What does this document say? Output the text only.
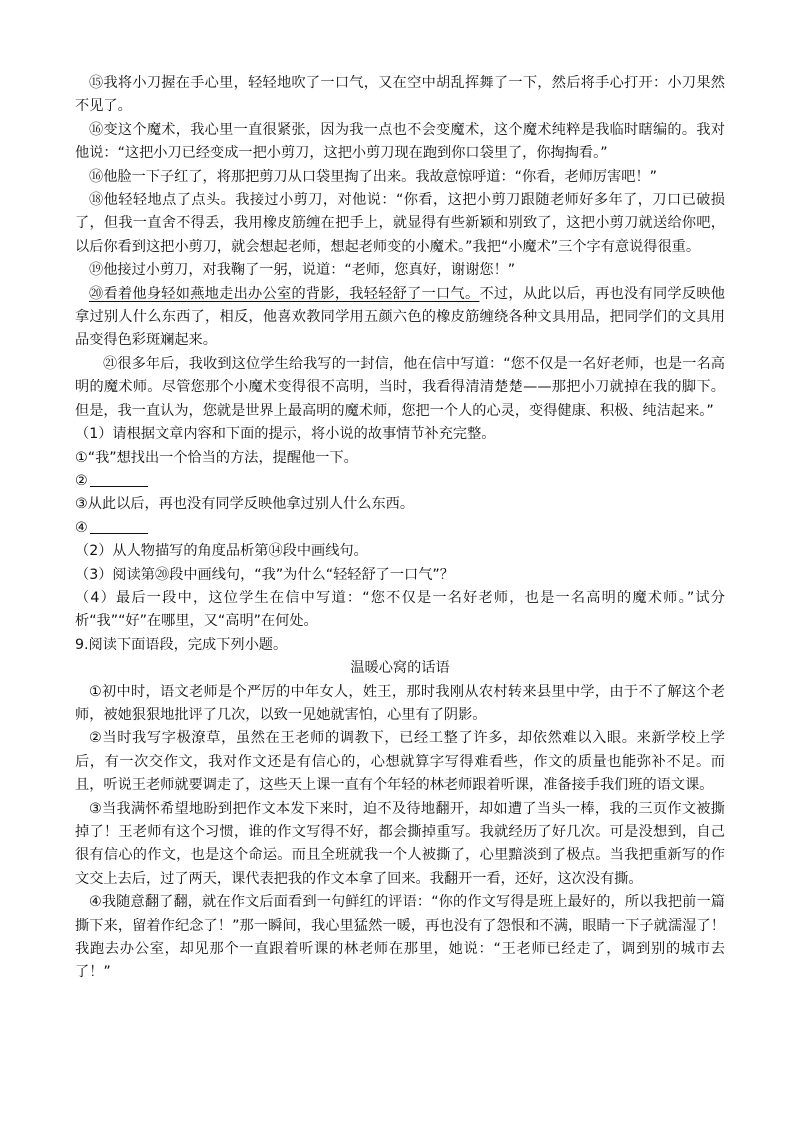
⑮我将小刀握在手心里，轻轻地吹了一口气，又在空中胡乱挥舞了一下，然后将手心打开：小刀果然不见了。

⑯变这个魔术，我心里一直很紧张，因为我一点也不会变魔术，这个魔术纯粹是我临时瞎编的。我对他说：“这把小刀已经变成一把小剪刀，这把小剪刀现在跑到你口袋里了，你掏掏看。”

⑯他脸一下子红了，将那把剪刀从口袋里掏了出来。我故意惊呼道：“你看，老师厉害吧！”

⑱他轻轻地点了点头。我接过小剪刀，对他说：“你看，这把小剪刀跟随老师好多年了，刀口已破损了，但我一直舍不得丢，我用橡皮筋缠在把手上，就显得有些新颖和别致了，这把小剪刀就送给你吧，以后你看到这把小剪刀，就会想起老师，想起老师变的小魔术。”我把“小魔术”三个字有意说得很重。

⑲他接过小剪刀，对我鞠了一躬，说道：“老师，您真好，谢谢您！”

⑳看着他身轻如燕地走出办公室的背影，我轻轻舒了一口气。不过，从此以后，再也没有同学反映他拿过别人什么东西了，相反，他喜欢教同学用五颜六色的橡皮筋缠绕各种文具用品，把同学们的文具用品变得色彩斑斓起来。

㉑很多年后，我收到这位学生给我写的一封信，他在信中写道：“您不仅是一名好老师，也是一名高明的魔术师。尽管您那个小魔术变得很不高明，当时，我看得清清楚楚——那把小刀就掉在我的脚下。但是，我一直认为，您就是世界上最高明的魔术师，您把一个人的心灵，变得健康、积极、纯洁起来。”

（1）请根据文章内容和下面的提示，将小说的故事情节补充完整。

①“我”想找出一个恰当的方法，提醒他一下。

②

③从此以后，再也没有同学反映他拿过别人什么东西。

④

（2）从人物描写的角度品析第⑭段中画线句。

（3）阅读第⑳段中画线句，“我”为什么“轻轻舒了一口气”？

（4）最后一段中，这位学生在信中写道：“您不仅是一名好老师，也是一名高明的魔术师。”试分析“我”“好”在哪里，又“高明”在何处。

9.阅读下面语段，完成下列小题。

温暖心窝的话语

①初中时，语文老师是个严厉的中年女人，姓王，那时我刚从农村转来县里中学，由于不了解这个老师，被她狠狠地批评了几次，以致一见她就害怕，心里有了阴影。

②当时我写字极潦草，虽然在王老师的调教下，已经工整了许多，却依然难以入眼。来新学校上学后，有一次交作文，我对作文还是有信心的，心想就算字写得难看些，作文的质量也能弥补不足。而且，听说王老师就要调走了，这些天上课一直有个年轻的林老师跟着听课，准备接手我们班的语文课。

③当我满怀希望地盼到把作文本发下来时，迫不及待地翻开，却如遭了当头一棒，我的三页作文被撕掉了！王老师有这个习惯，谁的作文写得不好，都会撕掉重写。我就经历了好几次。可是没想到，自己很有信心的作文，也是这个命运。而且全班就我一个人被撕了，心里黯淡到了极点。当我把重新写的作文交上去后，过了两天，课代表把我的作文本拿了回来。我翻开一看，还好，这次没有撕。

④我随意翻了翻，就在作文后面看到一句鲜红的评语：“你的作文写得是班上最好的，所以我把前一篇撕下来，留着作纪念了！”那一瞬间，我心里猛然一暖，再也没有了怨恨和不满，眼睛一下子就濡湿了！我跑去办公室，却见那个一直跟着听课的林老师在那里，她说：“王老师已经走了，调到别的城市去了！”
